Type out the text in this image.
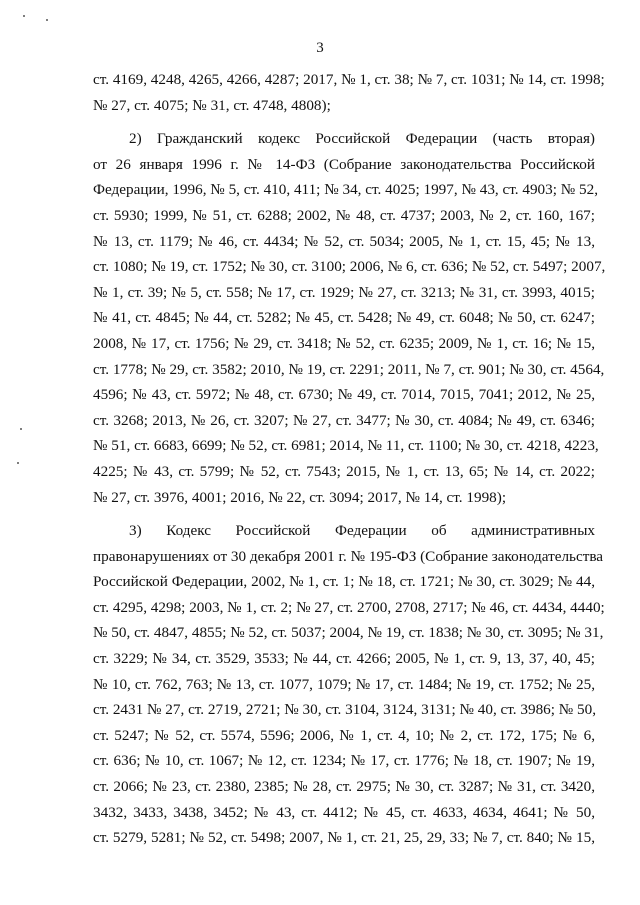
3
ст. 4169, 4248, 4265, 4266, 4287; 2017, № 1, ст. 38; № 7, ст. 1031; № 14, ст. 1998;
№ 27, ст. 4075; № 31, ст. 4748, 4808);
2) Гражданский кодекс Российской Федерации (часть вторая)
от 26 января 1996 г. № 14-ФЗ (Собрание законодательства Российской
Федерации, 1996, № 5, ст. 410, 411; № 34, ст. 4025; 1997, № 43, ст. 4903; № 52,
ст. 5930; 1999, № 51, ст. 6288; 2002, № 48, ст. 4737; 2003, № 2, ст. 160, 167;
№ 13, ст. 1179; № 46, ст. 4434; № 52, ст. 5034; 2005, № 1, ст. 15, 45; № 13,
ст. 1080; № 19, ст. 1752; № 30, ст. 3100; 2006, № 6, ст. 636; № 52, ст. 5497; 2007,
№ 1, ст. 39; № 5, ст. 558; № 17, ст. 1929; № 27, ст. 3213; № 31, ст. 3993, 4015;
№ 41, ст. 4845; № 44, ст. 5282; № 45, ст. 5428; № 49, ст. 6048; № 50, ст. 6247;
2008, № 17, ст. 1756; № 29, ст. 3418; № 52, ст. 6235; 2009, № 1, ст. 16; № 15,
ст. 1778; № 29, ст. 3582; 2010, № 19, ст. 2291; 2011, № 7, ст. 901; № 30, ст. 4564,
4596; № 43, ст. 5972; № 48, ст. 6730; № 49, ст. 7014, 7015, 7041; 2012, № 25,
ст. 3268; 2013, № 26, ст. 3207; № 27, ст. 3477; № 30, ст. 4084; № 49, ст. 6346;
№ 51, ст. 6683, 6699; № 52, ст. 6981; 2014, № 11, ст. 1100; № 30, ст. 4218, 4223,
4225; № 43, ст. 5799; № 52, ст. 7543; 2015, № 1, ст. 13, 65; № 14, ст. 2022;
№ 27, ст. 3976, 4001; 2016, № 22, ст. 3094; 2017, № 14, ст. 1998);
3) Кодекс Российской Федерации об административных
правонарушениях от 30 декабря 2001 г. № 195-ФЗ (Собрание законодательства
Российской Федерации, 2002, № 1, ст. 1; № 18, ст. 1721; № 30, ст. 3029; № 44,
ст. 4295, 4298; 2003, № 1, ст. 2; № 27, ст. 2700, 2708, 2717; № 46, ст. 4434, 4440;
№ 50, ст. 4847, 4855; № 52, ст. 5037; 2004, № 19, ст. 1838; № 30, ст. 3095; № 31,
ст. 3229; № 34, ст. 3529, 3533; № 44, ст. 4266; 2005, № 1, ст. 9, 13, 37, 40, 45;
№ 10, ст. 762, 763; № 13, ст. 1077, 1079; № 17, ст. 1484; № 19, ст. 1752; № 25,
ст. 2431 № 27, ст. 2719, 2721; № 30, ст. 3104, 3124, 3131; № 40, ст. 3986; № 50,
ст. 5247; № 52, ст. 5574, 5596; 2006, № 1, ст. 4, 10; № 2, ст. 172, 175; № 6,
ст. 636; № 10, ст. 1067; № 12, ст. 1234; № 17, ст. 1776; № 18, ст. 1907; № 19,
ст. 2066; № 23, ст. 2380, 2385; № 28, ст. 2975; № 30, ст. 3287; № 31, ст. 3420,
3432, 3433, 3438, 3452; № 43, ст. 4412; № 45, ст. 4633, 4634, 4641; № 50,
ст. 5279, 5281; № 52, ст. 5498; 2007, № 1, ст. 21, 25, 29, 33; № 7, ст. 840; № 15,
